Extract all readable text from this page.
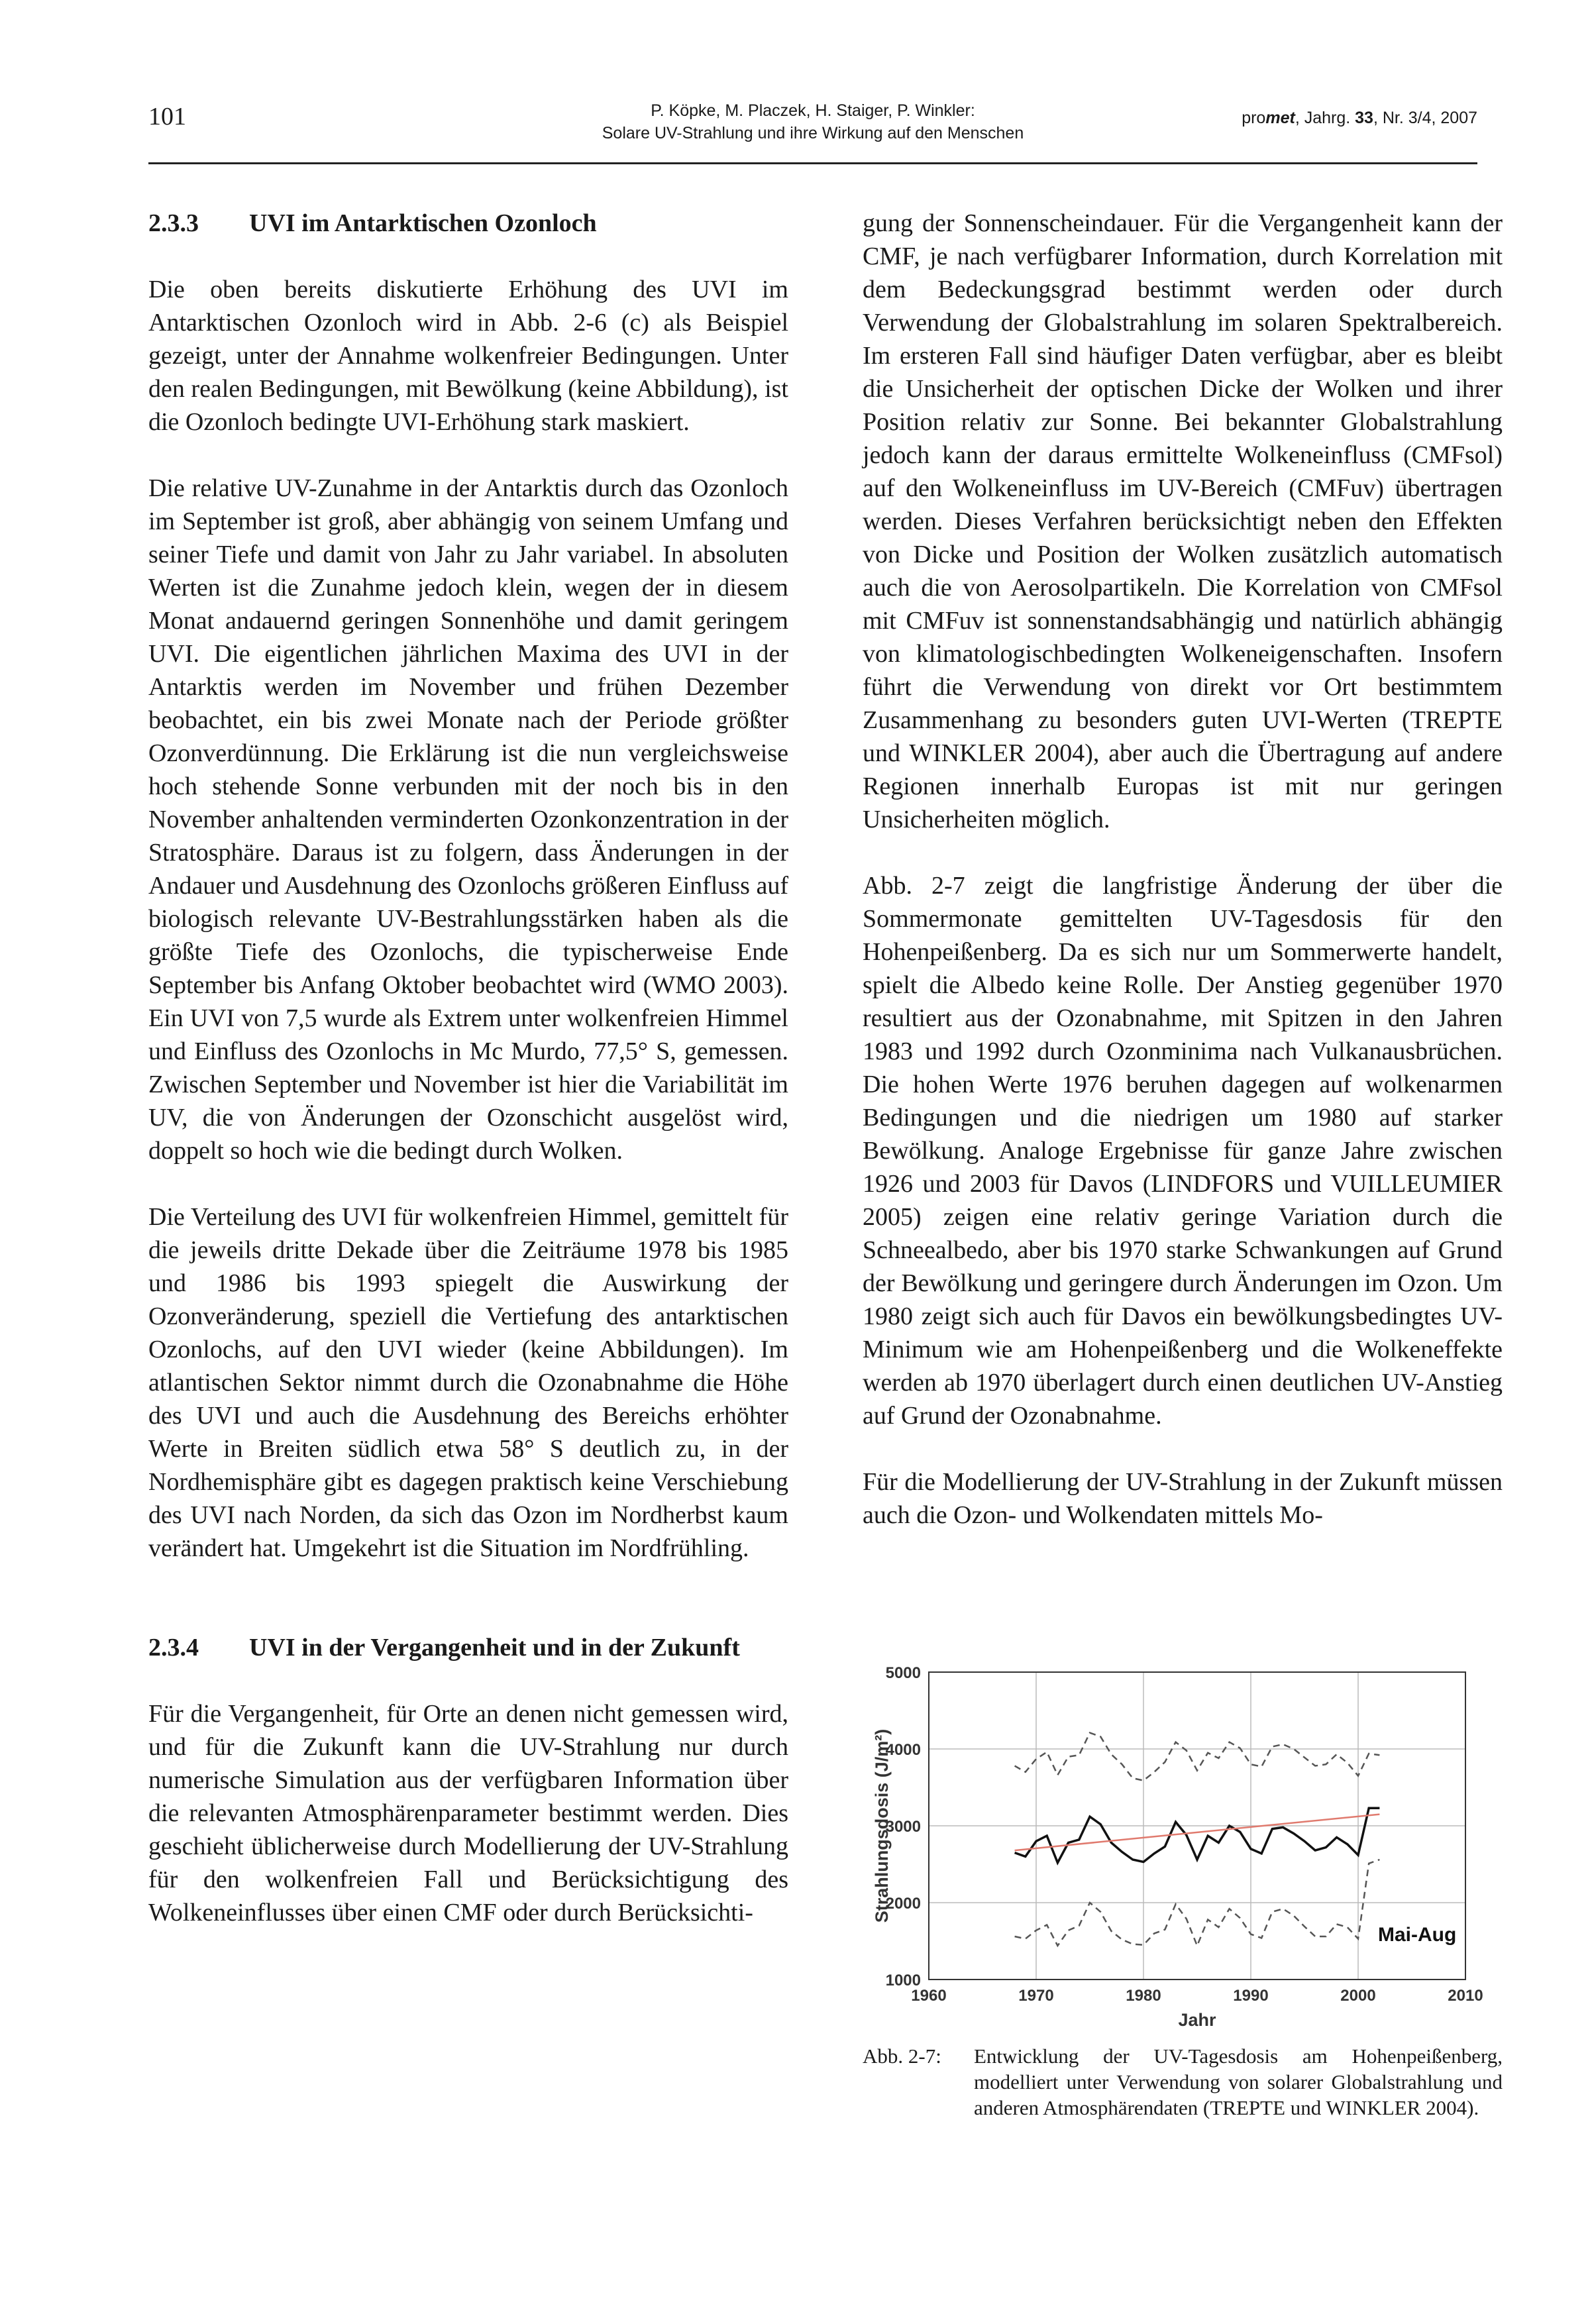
101	P. Köpke, M. Placzek, H. Staiger, P. Winkler:
Solare UV-Strahlung und ihre Wirkung auf den Menschen
promet, Jahrg. 33, Nr. 3/4, 2007
2.3.3	UVI im Antarktischen Ozonloch

Die oben bereits diskutierte Erhöhung des UVI im Antarktischen Ozonloch wird in Abb. 2-6 (c) als Beispiel gezeigt, unter der Annahme wolkenfreier Bedingungen. Unter den realen Bedingungen, mit Bewölkung (keine Abbildung), ist die Ozonloch bedingte UVI-Erhöhung stark maskiert.

Die relative UV-Zunahme in der Antarktis durch das Ozonloch im September ist groß, aber abhängig von seinem Umfang und seiner Tiefe und damit von Jahr zu Jahr variabel. In absoluten Werten ist die Zunahme jedoch klein, wegen der in diesem Monat andauernd geringen Sonnenhöhe und damit geringem UVI. Die eigentlichen jährlichen Maxima des UVI in der Antarktis werden im November und frühen Dezember beobachtet, ein bis zwei Monate nach der Periode größter Ozonverdünnung. Die Erklärung ist die nun vergleichsweise hoch stehende Sonne verbunden mit der noch bis in den November anhaltenden verminderten Ozonkonzentration in der Stratosphäre. Daraus ist zu folgern, dass Änderungen in der Andauer und Ausdehnung des Ozonlochs größeren Einfluss auf biologisch relevante UV-Bestrahlungsstärken haben als die größte Tiefe des Ozonlochs, die typischerweise Ende September bis Anfang Oktober beobachtet wird (WMO 2003). Ein UVI von 7,5 wurde als Extrem unter wolkenfreien Himmel und Einfluss des Ozonlochs in Mc Murdo, 77,5° S, gemessen. Zwischen September und November ist hier die Variabilität im UV, die von Änderungen der Ozonschicht ausgelöst wird, doppelt so hoch wie die bedingt durch Wolken.

Die Verteilung des UVI für wolkenfreien Himmel, gemittelt für die jeweils dritte Dekade über die Zeiträume 1978 bis 1985 und 1986 bis 1993 spiegelt die Auswirkung der Ozonveränderung, speziell die Vertiefung des antarktischen Ozonlochs, auf den UVI wieder (keine Abbildungen). Im atlantischen Sektor nimmt durch die Ozonabnahme die Höhe des UVI und auch die Ausdehnung des Bereichs erhöhter Werte in Breiten südlich etwa 58° S deutlich zu, in der Nordhemisphäre gibt es dagegen praktisch keine Verschiebung des UVI nach Norden, da sich das Ozon im Nordherbst kaum verändert hat. Umgekehrt ist die Situation im Nordfrühling.

2.3.4	UVI in der Vergangenheit und in der Zukunft

Für die Vergangenheit, für Orte an denen nicht gemessen wird, und für die Zukunft kann die UV-Strahlung nur durch numerische Simulation aus der verfügbaren Information über die relevanten Atmosphärenparameter bestimmt werden. Dies geschieht üblicherweise durch Modellierung der UV-Strahlung für den wolkenfreien Fall und Berücksichtigung des Wolkeneinflusses über einen CMF oder durch Berücksichti-

gung der Sonnenscheindauer. Für die Vergangenheit kann der CMF, je nach verfügbarer Information, durch Korrelation mit dem Bedeckungsgrad bestimmt werden oder durch Verwendung der Globalstrahlung im solaren Spektralbereich. Im ersteren Fall sind häufiger Daten verfügbar, aber es bleibt die Unsicherheit der optischen Dicke der Wolken und ihrer Position relativ zur Sonne. Bei bekannter Globalstrahlung jedoch kann der daraus ermittelte Wolkeneinfluss (CMFsol) auf den Wolkeneinfluss im UV-Bereich (CMFuv) übertragen werden. Dieses Verfahren berücksichtigt neben den Effekten von Dicke und Position der Wolken zusätzlich automatisch auch die von Aerosolpartikeln. Die Korrelation von CMFsol mit CMFuv ist sonnenstandsabhängig und natürlich abhängig von klimatologischbedingten Wolkeneigenschaften. Insofern führt die Verwendung von direkt vor Ort bestimmtem Zusammenhang zu besonders guten UVI-Werten (TREPTE und WINKLER 2004), aber auch die Übertragung auf andere Regionen innerhalb Europas ist mit nur geringen Unsicherheiten möglich.

Abb. 2-7 zeigt die langfristige Änderung der über die Sommermonate gemittelten UV-Tagesdosis für den Hohenpeißenberg. Da es sich nur um Sommerwerte handelt, spielt die Albedo keine Rolle. Der Anstieg gegenüber 1970 resultiert aus der Ozonabnahme, mit Spitzen in den Jahren 1983 und 1992 durch Ozonminima nach Vulkanausbrüchen. Die hohen Werte 1976 beruhen dagegen auf wolkenarmen Bedingungen und die niedrigen um 1980 auf starker Bewölkung. Analoge Ergebnisse für ganze Jahre zwischen 1926 und 2003 für Davos (LINDFORS und VUILLEUMIER 2005) zeigen eine relativ geringe Variation durch die Schneealbedo, aber bis 1970 starke Schwankungen auf Grund der Bewölkung und geringere durch Änderungen im Ozon. Um 1980 zeigt sich auch für Davos ein bewölkungsbedingtes UV-Minimum wie am Hohenpeißenberg und die Wolkeneffekte werden ab 1970 überlagert durch einen deutlichen UV-Anstieg auf Grund der Ozonabnahme.

Für die Modellierung der UV-Strahlung in der Zukunft müssen auch die Ozon- und Wolkendaten mittels Mo-

1000
2000
3000
4000
5000
1960	1970	1980	1990	2000	2010
Strahlungsdosis (J/m²)
Jahr
Mai-Aug
Abb. 2-7:	Entwicklung der UV-Tagesdosis am Hohenpeißenberg, modelliert unter Verwendung von solarer Globalstrahlung und anderen Atmosphärendaten (TREPTE und WINKLER 2004).
